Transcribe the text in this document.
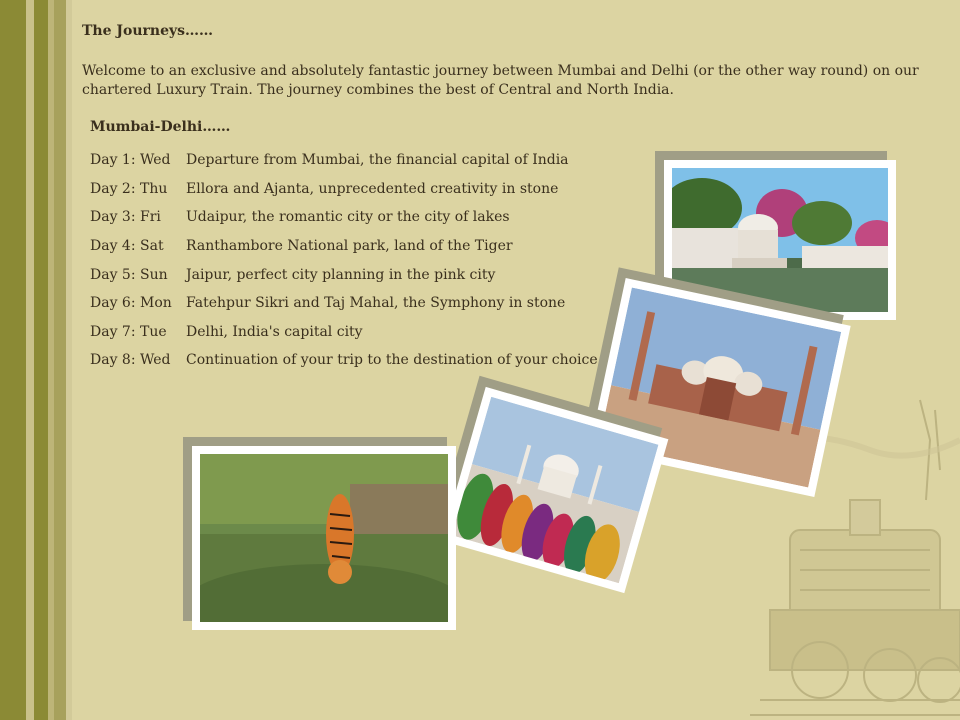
The Journeys……
Welcome to an exclusive and absolutely fantastic journey between Mumbai and Delhi (or the other way round) on our chartered Luxury Train. The journey combines the best of Central and North India.
Mumbai-Delhi……
Day 1: Wed	Departure from Mumbai, the financial capital of India
Day 2: Thu	Ellora and Ajanta, unprecedented creativity in stone
Day 3: Fri	Udaipur, the romantic city or the city of lakes
Day 4: Sat	Ranthambore National park, land of the Tiger
Day 5: Sun	Jaipur, perfect city planning in the pink city
Day 6: Mon	Fatehpur Sikri and Taj Mahal, the Symphony in stone
Day 7: Tue	Delhi, India's capital city
Day 8: Wed	Continuation of your trip to the destination of your choice
